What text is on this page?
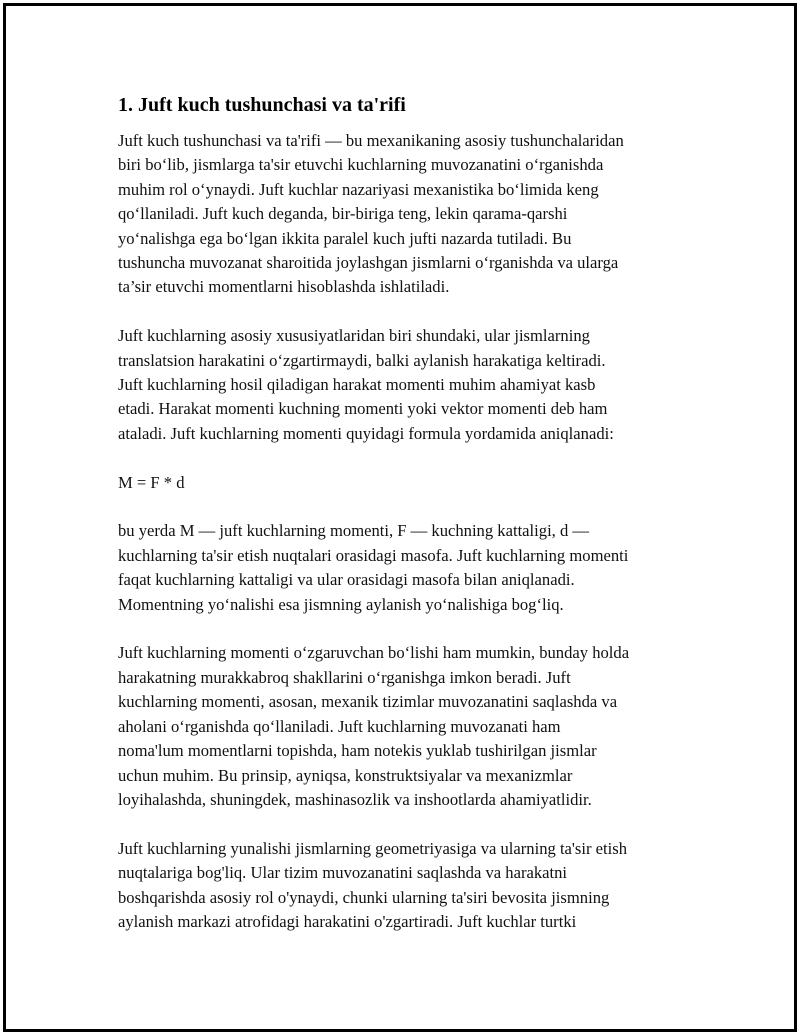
1. Juft kuch tushunchasi va ta'rifi

Juft kuch tushunchasi va ta'rifi — bu mexanikaning asosiy tushunchalaridan
biri bo‘lib, jismlarga ta'sir etuvchi kuchlarning muvozanatini o‘rganishda
muhim rol o‘ynaydi. Juft kuchlar nazariyasi mexanistika bo‘limida keng
qo‘llaniladi. Juft kuch deganda, bir-biriga teng, lekin qarama-qarshi
yo‘nalishga ega bo‘lgan ikkita paralel kuch jufti nazarda tutiladi. Bu
tushuncha muvozanat sharoitida joylashgan jismlarni o‘rganishda va ularga
ta’sir etuvchi momentlarni hisoblashda ishlatiladi.

Juft kuchlarning asosiy xususiyatlaridan biri shundaki, ular jismlarning
translatsion harakatini o‘zgartirmaydi, balki aylanish harakatiga keltiradi.
Juft kuchlarning hosil qiladigan harakat momenti muhim ahamiyat kasb
etadi. Harakat momenti kuchning momenti yoki vektor momenti deb ham
ataladi. Juft kuchlarning momenti quyidagi formula yordamida aniqlanadi:

M = F * d

bu yerda M — juft kuchlarning momenti, F — kuchning kattaligi, d —
kuchlarning ta'sir etish nuqtalari orasidagi masofa. Juft kuchlarning momenti
faqat kuchlarning kattaligi va ular orasidagi masofa bilan aniqlanadi.
Momentning yo‘nalishi esa jismning aylanish yo‘nalishiga bog‘liq.

Juft kuchlarning momenti o‘zgaruvchan bo‘lishi ham mumkin, bunday holda
harakatning murakkabroq shakllarini o‘rganishga imkon beradi. Juft
kuchlarning momenti, asosan, mexanik tizimlar muvozanatini saqlashda va
aholani o‘rganishda qo‘llaniladi. Juft kuchlarning muvozanati ham
noma'lum momentlarni topishda, ham notekis yuklab tushirilgan jismlar
uchun muhim. Bu prinsip, ayniqsa, konstruktsiyalar va mexanizmlar
loyihalashda, shuningdek, mashinasozlik va inshootlarda ahamiyatlidir.

Juft kuchlarning yunalishi jismlarning geometriyasiga va ularning ta'sir etish
nuqtalariga bog'liq. Ular tizim muvozanatini saqlashda va harakatni
boshqarishda asosiy rol o'ynaydi, chunki ularning ta'siri bevosita jismning
aylanish markazi atrofidagi harakatini o'zgartiradi. Juft kuchlar turtki
